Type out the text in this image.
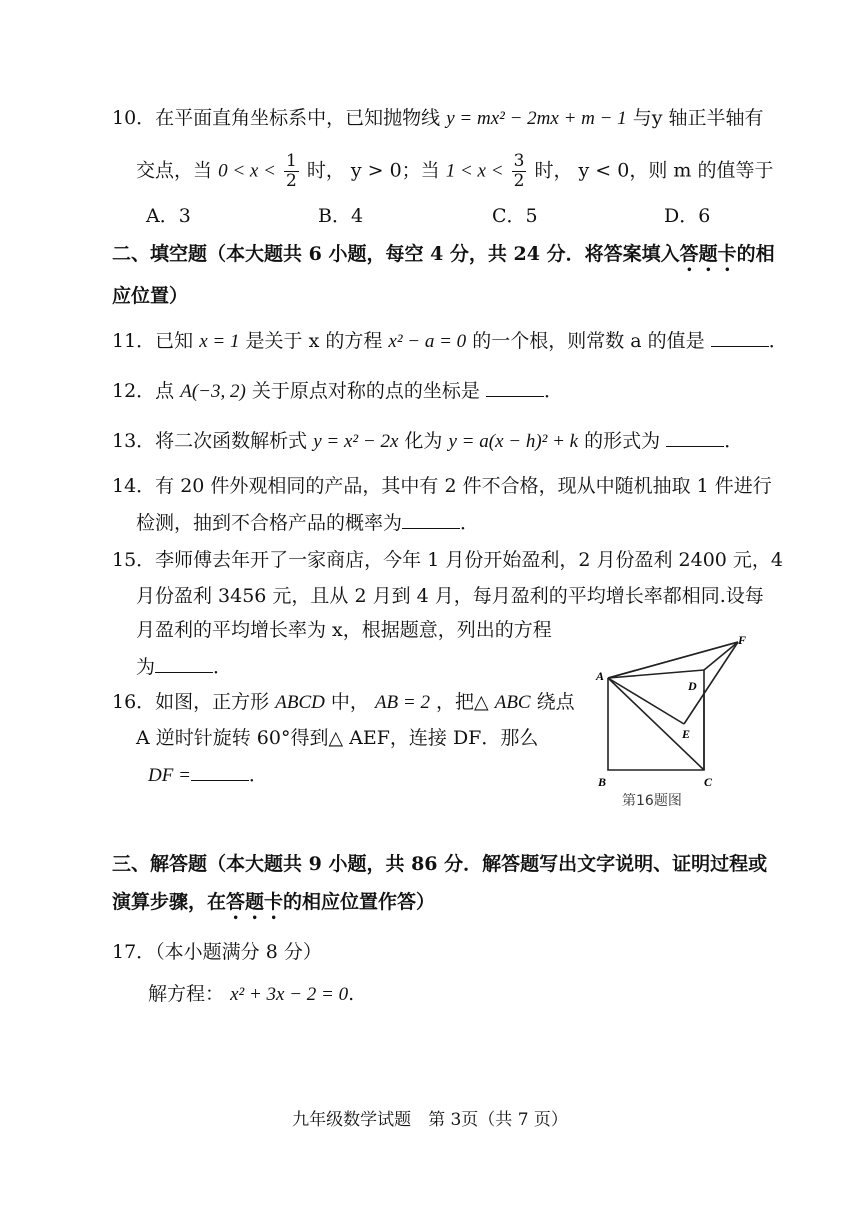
10．在平面直角坐标系中，已知抛物线 y = mx² − 2mx + m − 1 与y 轴正半轴有
交点，当 $0 < x < \frac{1}{2}$ 时， y > 0；当 $1 < x < \frac{3}{2}$ 时， y < 0，则 m 的值等于
A．3	B．4	C．5	D．6
二、填空题（本大题共 6 小题，每空 4 分，共 24 分．将答案填入答题卡的相
应位置）
11．已知 x = 1 是关于 x 的方程 x² − a = 0 的一个根，则常数 a 的值是	．
12．点 A(−3, 2) 关于原点对称的点的坐标是	．
13．将二次函数解析式 y = x² − 2x 化为 y = a(x − h)² + k 的形式为	．
14．有 20 件外观相同的产品，其中有 2 件不合格，现从中随机抽取 1 件进行
检测，抽到不合格产品的概率为	．
15．李师傅去年开了一家商店，今年 1 月份开始盈利，2 月份盈利 2400 元，4
月份盈利 3456 元，且从 2 月到 4 月，每月盈利的平均增长率都相同.设每
月盈利的平均增长率为 x，根据题意，列出的方程
为	．
16．如图，正方形 ABCD 中， AB = 2 ，把△ ABC 绕点
A 逆时针旋转 60°得到△ AEF，连接 DF．那么
DF =	．
A
B	C
D
E
F
第16题图
三、解答题（本大题共 9 小题，共 86 分．解答题写出文字说明、证明过程或
演算步骤，在答题卡的相应位置作答）
17．（本小题满分 8 分）
解方程： x² + 3x − 2 = 0.
九年级数学试题　第 3页（共 7 页）
